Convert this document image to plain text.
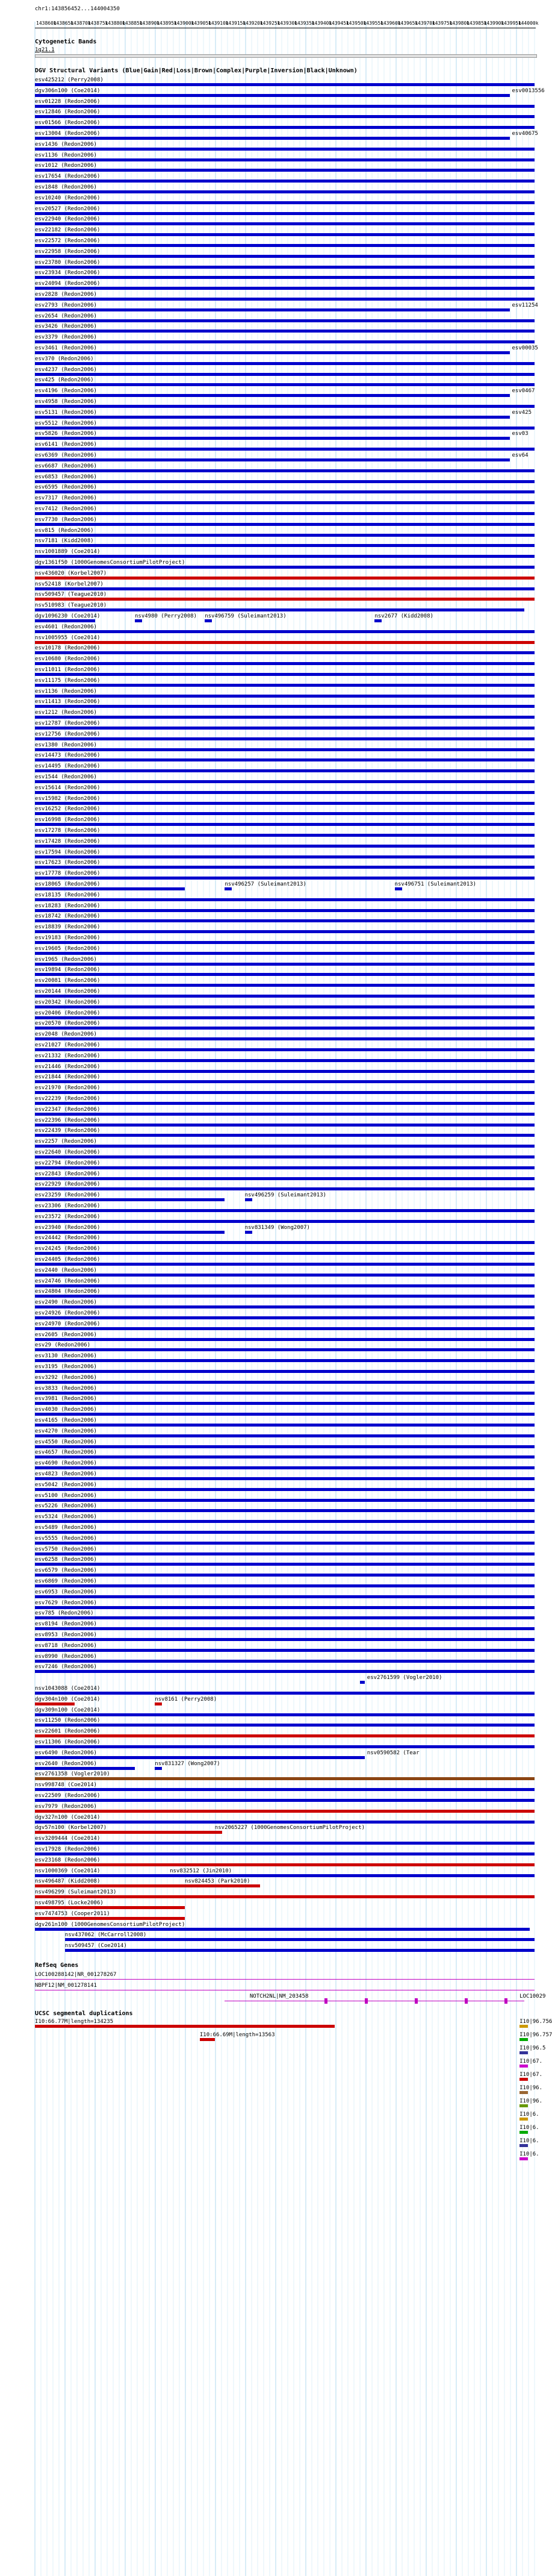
chr1:143856452...144004350
143860k
143865k
143870k
143875k
143880k
143885k
143890k
143895k
143900k
143905k
143910k
143915k
143920k
143925k
143930k
143935k
143940k
143945k
143950k
143955k
143960k
143965k
143970k
143975k
143980k
143985k
143990k
143995k
144000k
Cytogenetic Bands
1q21.1
DGV Structural Variants (Blue|Gain|Red|Loss|Brown|Complex|Purple|Inversion|Black|Unknown)
esv425212 (Perry2008)
dgv306n100 (Coe2014)	esv0013556
esv01228 (Redon2006)
esv12846 (Redon2006)
esv01566 (Redon2006)
esv13004 (Redon2006)	esv40675
esv1436 (Redon2006)
esv1136 (Redon2006)
esv1012 (Redon2006)
esv17654 (Redon2006)
esv1848 (Redon2006)
esv10240 (Redon2006)
esv20527 (Redon2006)
esv22940 (Redon2006)
esv22182 (Redon2006)
esv22572 (Redon2006)
esv22958 (Redon2006)
esv23780 (Redon2006)
esv23934 (Redon2006)
esv24094 (Redon2006)
esv2828 (Redon2006)
esv2793 (Redon2006)	esv11254
esv2654 (Redon2006)
esv3426 (Redon2006)
esv3379 (Redon2006)
esv3461 (Redon2006)	esv00035
esv370 (Redon2006)
esv4237 (Redon2006)
esv425 (Redon2006)
esv4196 (Redon2006)	esv0467
esv4958 (Redon2006)
esv5131 (Redon2006)	esv425
esv5512 (Redon2006)
esv5826 (Redon2006)	esv03
esv6141 (Redon2006)
esv6369 (Redon2006)	esv64
esv6687 (Redon2006)
esv6853 (Redon2006)
esv6595 (Redon2006)
esv7317 (Redon2006)
esv7412 (Redon2006)
esv7730 (Redon2006)
esv815 (Redon2006)
nsv7181 (Kidd2008)
nsv1001889 (Coe2014)
dgv1361f50 (1000GenomesConsortiumPilotProject)
nsv436020 (Korbel2007)
nsv52418 (Korbel2007)
nsv509457 (Teague2010)
nsv510983 (Teague2010)
dgv1096230 (Coe2014)	nsv4980 (Perry2008) nsv496759 (Suleimant2013)	nsv2677 (Kidd2008)
esv4601 (Redon2006)
nsv1005955 (Coe2014)
esv10178 (Redon2006)
esv10680 (Redon2006)
esv11011 (Redon2006)
esv11175 (Redon2006)
esv1136 (Redon2006)
esv11413 (Redon2006)
esv1212 (Redon2006)
esv12787 (Redon2006)
esv12756 (Redon2006)
esv1380 (Redon2006)
esv14473 (Redon2006)
esv14495 (Redon2006)
esv1544 (Redon2006)
esv15614 (Redon2006)
esv15982 (Redon2006)
esv16252 (Redon2006)
esv16998 (Redon2006)
esv17278 (Redon2006)
esv17428 (Redon2006)
esv17594 (Redon2006)
esv17623 (Redon2006)
esv17778 (Redon2006)
esv18065 (Redon2006)	nsv496257 (Suleimant2013)	nsv496751 (Suleimant2013)
esv18135 (Redon2006)
esv18283 (Redon2006)
esv18742 (Redon2006)
esv18839 (Redon2006)
esv19183 (Redon2006)
esv19605 (Redon2006)
esv1965 (Redon2006)
esv19894 (Redon2006)
esv20081 (Redon2006)
esv20144 (Redon2006)
esv20342 (Redon2006)
esv20406 (Redon2006)
esv20570 (Redon2006)
esv2048 (Redon2006)
esv21027 (Redon2006)
esv21332 (Redon2006)
esv21446 (Redon2006)
esv21844 (Redon2006)
esv21970 (Redon2006)
esv22239 (Redon2006)
esv22347 (Redon2006)
esv22396 (Redon2006)
esv22439 (Redon2006)
esv2257 (Redon2006)
esv22640 (Redon2006)
esv22794 (Redon2006)
esv22843 (Redon2006)
esv22929 (Redon2006)
esv23259 (Redon2006)	nsv496259 (Suleimant2013)
esv23306 (Redon2006)
esv23572 (Redon2006)
esv23940 (Redon2006)	nsv831349 (Wong2007)
esv24442 (Redon2006)
esv24245 (Redon2006)
esv24405 (Redon2006)
esv2440 (Redon2006)
esv24746 (Redon2006)
esv24804 (Redon2006)
esv2490 (Redon2006)
esv24926 (Redon2006)
esv24970 (Redon2006)
esv2605 (Redon2006)
esv29 (Redon2006)
esv3130 (Redon2006)
esv3195 (Redon2006)
esv3292 (Redon2006)
esv3833 (Redon2006)
esv3981 (Redon2006)
esv4030 (Redon2006)
esv4165 (Redon2006)
esv4270 (Redon2006)
esv4550 (Redon2006)
esv4657 (Redon2006)
esv4690 (Redon2006)
esv4823 (Redon2006)
esv5042 (Redon2006)
esv5100 (Redon2006)
esv5226 (Redon2006)
esv5324 (Redon2006)
esv5489 (Redon2006)
esv5555 (Redon2006)
esv5750 (Redon2006)
esv6258 (Redon2006)
esv6579 (Redon2006)
esv6869 (Redon2006)
esv6953 (Redon2006)
esv7629 (Redon2006)
esv785 (Redon2006)
esv8194 (Redon2006)
esv8953 (Redon2006)
esv8718 (Redon2006)
esv8990 (Redon2006)
esv7246 (Redon2006)
esv2761599 (Vogler2010)
nsv1043088 (Coe2014)
dgv304n100 (Coe2014)	nsv8161 (Perry2008)
dgv309n100 (Coe2014)
esv11250 (Redon2006)
esv22601 (Redon2006)
esv11306 (Redon2006)
esv6490 (Redon2006)	nsv0590582 (Tear
esv2640 (Redon2006)	nsv831327 (Wong2007)
esv2761358 (Vogler2010)
nsv998748 (Coe2014)
esv22509 (Redon2006)
esv7979 (Redon2006)
dgv327n100 (Coe2014)
dgv57n100 (Korbel2007)	nsv2065227 (1000GenomesConsortiumPilotProject)
esv3209444 (Coe2014)
esv17928 (Redon2006)
esv23168 (Redon2006)
nsv1000369 (Coe2014)	nsv832512 (Jin2010)
nsv496487 (Kidd2008)	nsv824453 (Park2010)
nsv496299 (Suleimant2013)
nsv498795 (Locke2006)
esv7474753 (Cooper2011)
dgv261n100 (1000GenomesConsortiumPilotProject)
nsv437062 (McCarroll2008)
nsv509457 (Coe2014)
RefSeq Genes
LOC100288142|NR_001278267
NBPF12|NM_001278141
NOTCH2NL|NM_203458	LOC10029
UCSC segmental duplications
I10:66.77M|length=134235	I10|96.756
I10:66.69M|length=13563	I10|96.757
I10|96.5
I10|67.
I10|67.
I10|96.
I10|96.
I10|6.
I10|6.
I10|6.
I10|6.
